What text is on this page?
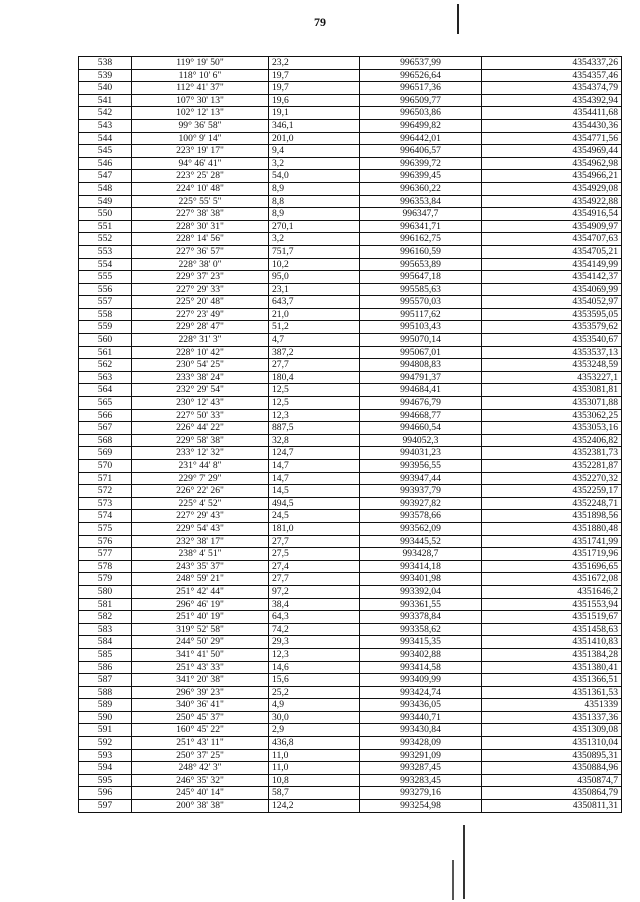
79
538	119° 19' 50"	23,2	996537,99	4354337,26
539	118° 10' 6"	19,7	996526,64	4354357,46
540	112° 41' 37"	19,7	996517,36	4354374,79
541	107° 30' 13"	19,6	996509,77	4354392,94
542	102° 12' 13"	19,1	996503,86	4354411,68
543	99° 36' 58"	346,1	996499,82	4354430,36
544	100° 9' 14"	201,0	996442,01	4354771,56
545	223° 19' 17"	9,4	996406,57	4354969,44
546	94° 46' 41"	3,2	996399,72	4354962,98
547	223° 25' 28"	54,0	996399,45	4354966,21
548	224° 10' 48"	8,9	996360,22	4354929,08
549	225° 55' 5"	8,8	996353,84	4354922,88
550	227° 38' 38"	8,9	996347,7	4354916,54
551	228° 30' 31"	270,1	996341,71	4354909,97
552	228° 14' 56"	3,2	996162,75	4354707,63
553	227° 36' 57"	751,7	996160,59	4354705,21
554	228° 38' 0"	10,2	995653,89	4354149,99
555	229° 37' 23"	95,0	995647,18	4354142,37
556	227° 29' 33"	23,1	995585,63	4354069,99
557	225° 20' 48"	643,7	995570,03	4354052,97
558	227° 23' 49"	21,0	995117,62	4353595,05
559	229° 28' 47"	51,2	995103,43	4353579,62
560	228° 31' 3"	4,7	995070,14	4353540,67
561	228° 10' 42"	387,2	995067,01	4353537,13
562	230° 54' 25"	27,7	994808,83	4353248,59
563	233° 38' 24"	180,4	994791,37	4353227,1
564	232° 29' 54"	12,5	994684,41	4353081,81
565	230° 12' 43"	12,5	994676,79	4353071,88
566	227° 50' 33"	12,3	994668,77	4353062,25
567	226° 44' 22"	887,5	994660,54	4353053,16
568	229° 58' 38"	32,8	994052,3	4352406,82
569	233° 12' 32"	124,7	994031,23	4352381,73
570	231° 44' 8"	14,7	993956,55	4352281,87
571	229° 7' 29"	14,7	993947,44	4352270,32
572	226° 22' 26"	14,5	993937,79	4352259,17
573	225° 4' 52"	494,5	993927,82	4352248,71
574	227° 29' 43"	24,5	993578,66	4351898,56
575	229° 54' 43"	181,0	993562,09	4351880,48
576	232° 38' 17"	27,7	993445,52	4351741,99
577	238° 4' 51"	27,5	993428,7	4351719,96
578	243° 35' 37"	27,4	993414,18	4351696,65
579	248° 59' 21"	27,7	993401,98	4351672,08
580	251° 42' 44"	97,2	993392,04	4351646,2
581	296° 46' 19"	38,4	993361,55	4351553,94
582	251° 40' 19"	64,3	993378,84	4351519,67
583	319° 52' 58"	74,2	993358,62	4351458,63
584	244° 50' 29"	29,3	993415,35	4351410,83
585	341° 41' 50"	12,3	993402,88	4351384,28
586	251° 43' 33"	14,6	993414,58	4351380,41
587	341° 20' 38"	15,6	993409,99	4351366,51
588	296° 39' 23"	25,2	993424,74	4351361,53
589	340° 36' 41"	4,9	993436,05	4351339
590	250° 45' 37"	30,0	993440,71	4351337,36
591	160° 45' 22"	2,9	993430,84	4351309,08
592	251° 43' 11"	436,8	993428,09	4351310,04
593	250° 37' 25"	11,0	993291,09	4350895,31
594	248° 42' 3"	11,0	993287,45	4350884,96
595	246° 35' 32"	10,8	993283,45	4350874,7
596	245° 40' 14"	58,7	993279,16	4350864,79
597	200° 38' 38"	124,2	993254,98	4350811,31
